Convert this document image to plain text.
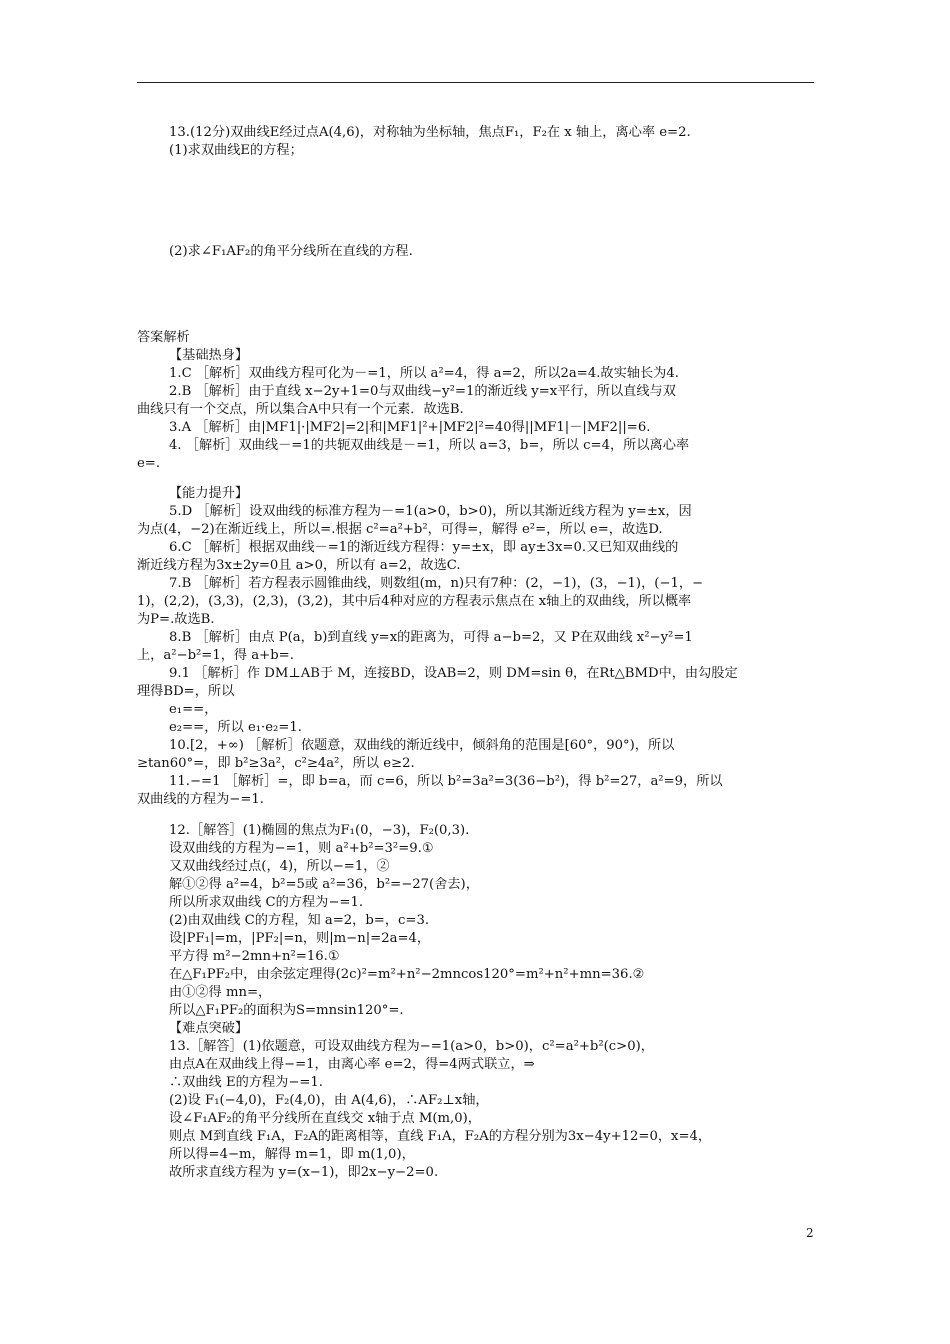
13.(12分)双曲线E经过点A(4,6)，对称轴为坐标轴，焦点F₁，F₂在 x 轴上，离心率 e=2.
(1)求双曲线E的方程；
(2)求∠F₁AF₂的角平分线所在直线的方程.
答案解析
【基础热身】
1.C ［解析］双曲线方程可化为－=1，所以 a²=4，得 a=2，所以2a=4.故实轴长为4.
2.B ［解析］由于直线 x−2y+1=0与双曲线−y²=1的渐近线 y=x平行，所以直线与双
曲线只有一个交点，所以集合A中只有一个元素．故选B.
3.A ［解析］由|MF1|·|MF2|=2|和|MF1|²+|MF2|²=40得||MF1|－|MF2||=6.
4. ［解析］双曲线－=1的共轭双曲线是－=1，所以 a=3，b=，所以 c=4，所以离心率
e=.
【能力提升】
5.D ［解析］设双曲线的标准方程为－=1(a>0，b>0)，所以其渐近线方程为 y=±x，因
为点(4，−2)在渐近线上，所以=.根据 c²=a²+b²，可得=，解得 e²=，所以 e=，故选D.
6.C ［解析］根据双曲线－=1的渐近线方程得：y=±x，即 ay±3x=0.又已知双曲线的
渐近线方程为3x±2y=0且 a>0，所以有 a=2，故选C.
7.B ［解析］若方程表示圆锥曲线，则数组(m，n)只有7种：(2，−1)，(3，−1)，(−1，−
1)，(2,2)，(3,3)，(2,3)，(3,2)，其中后4种对应的方程表示焦点在 x轴上的双曲线，所以概率
为P=.故选B.
8.B ［解析］由点 P(a，b)到直线 y=x的距离为，可得 a−b=2，又 P在双曲线 x²−y²=1
上，a²−b²=1，得 a+b=.
9.1 ［解析］作 DM⊥AB于 M，连接BD，设AB=2，则 DM=sin θ，在Rt△BMD中，由勾股定
理得BD=，所以
e₁==，
e₂==，所以 e₁·e₂=1.
10.[2，+∞) ［解析］依题意，双曲线的渐近线中，倾斜角的范围是[60°，90°)，所以
≥tan60°=，即 b²≥3a²，c²≥4a²，所以 e≥2.
11.−=1 ［解析］=，即 b=a，而 c=6，所以 b²=3a²=3(36−b²)，得 b²=27，a²=9，所以
双曲线的方程为−=1.
12.［解答］(1)椭圆的焦点为F₁(0，−3)，F₂(0,3).
设双曲线的方程为−=1，则 a²+b²=3²=9.①
又双曲线经过点(，4)，所以−=1，②
解①②得 a²=4，b²=5或 a²=36，b²=−27(舍去)，
所以所求双曲线 C的方程为−=1.
(2)由双曲线 C的方程，知 a=2，b=，c=3.
设|PF₁|=m，|PF₂|=n，则|m−n|=2a=4，
平方得 m²−2mn+n²=16.①
在△F₁PF₂中，由余弦定理得(2c)²=m²+n²−2mncos120°=m²+n²+mn=36.②
由①②得 mn=，
所以△F₁PF₂的面积为S=mnsin120°=.
【难点突破】
13.［解答］(1)依题意，可设双曲线方程为−=1(a>0，b>0)，c²=a²+b²(c>0)，
由点A在双曲线上得−=1，由离心率 e=2，得=4两式联立，⇒
∴双曲线 E的方程为−=1.
(2)设 F₁(−4,0)，F₂(4,0)，由 A(4,6)，∴AF₂⊥x轴，
设∠F₁AF₂的角平分线所在直线交 x轴于点 M(m,0)，
则点 M到直线 F₁A，F₂A的距离相等，直线 F₁A，F₂A的方程分别为3x−4y+12=0，x=4，
所以得=4−m，解得 m=1，即 m(1,0)，
故所求直线方程为 y=(x−1)，即2x−y−2=0.
2
